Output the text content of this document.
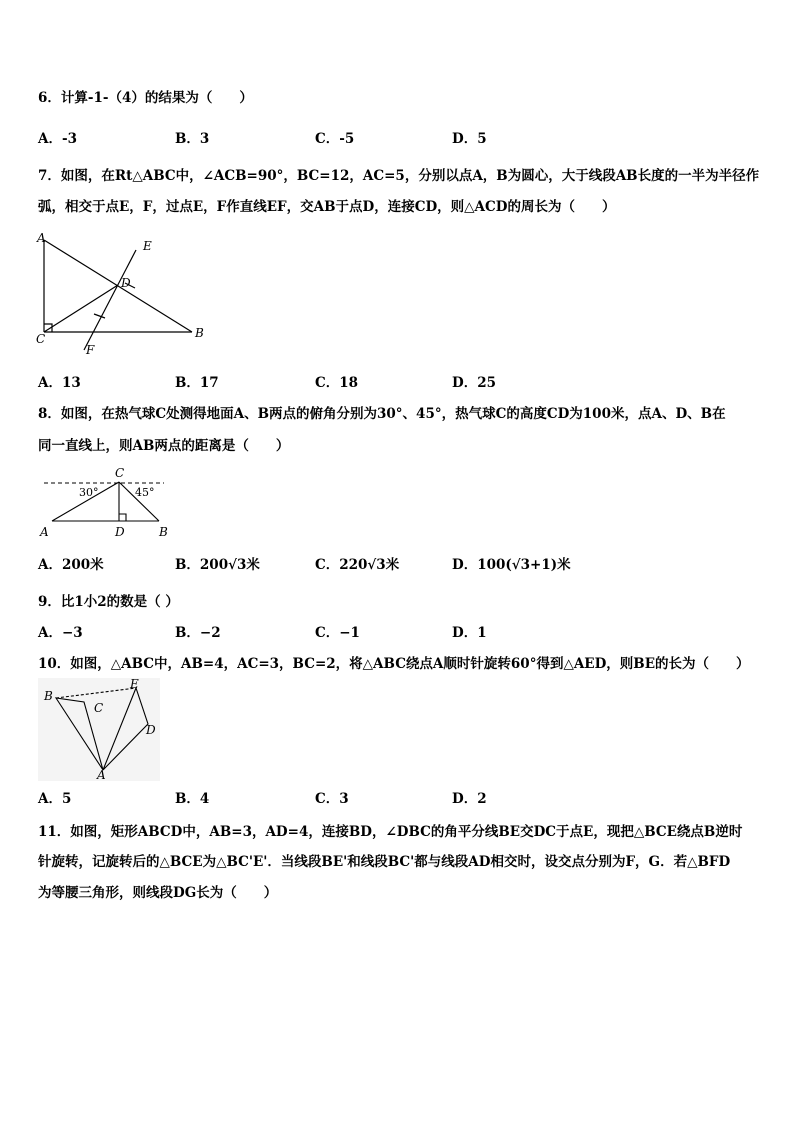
6．计算-1-（4）的结果为（　　）
A．-3	B．3	C．-5	D．5
7．如图，在Rt△ABC中，∠ACB=90°，BC=12，AC=5，分别以点A，B为圆心，大于线段AB长度的一半为半径作
弧，相交于点E，F，过点E，F作直线EF，交AB于点D，连接CD，则△ACD的周长为（　　）
A
E
D
C	B
F
A．13	B．17	C．18	D．25
8．如图，在热气球C处测得地面A、B两点的俯角分别为30°、45°，热气球C的高度CD为100米，点A、D、B在
同一直线上，则AB两点的距离是（　　）
C
30°	45°
A	D	B
A．200米	B．200√3米	C．220√3米	D．100(√3+1)米
9．比1小2的数是（ ）
A．−3	B．−2	C．−1	D．1
10．如图，△ABC中，AB=4，AC=3，BC=2，将△ABC绕点A顺时针旋转60°得到△AED，则BE的长为（　　）
B
E
C
D
A
A．5	B．4	C．3	D．2
11．如图，矩形ABCD中，AB=3，AD=4，连接BD，∠DBC的角平分线BE交DC于点E，现把△BCE绕点B逆时
针旋转，记旋转后的△BCE为△BC'E'．当线段BE'和线段BC'都与线段AD相交时，设交点分别为F，G．若△BFD
为等腰三角形，则线段DG长为（　　）
